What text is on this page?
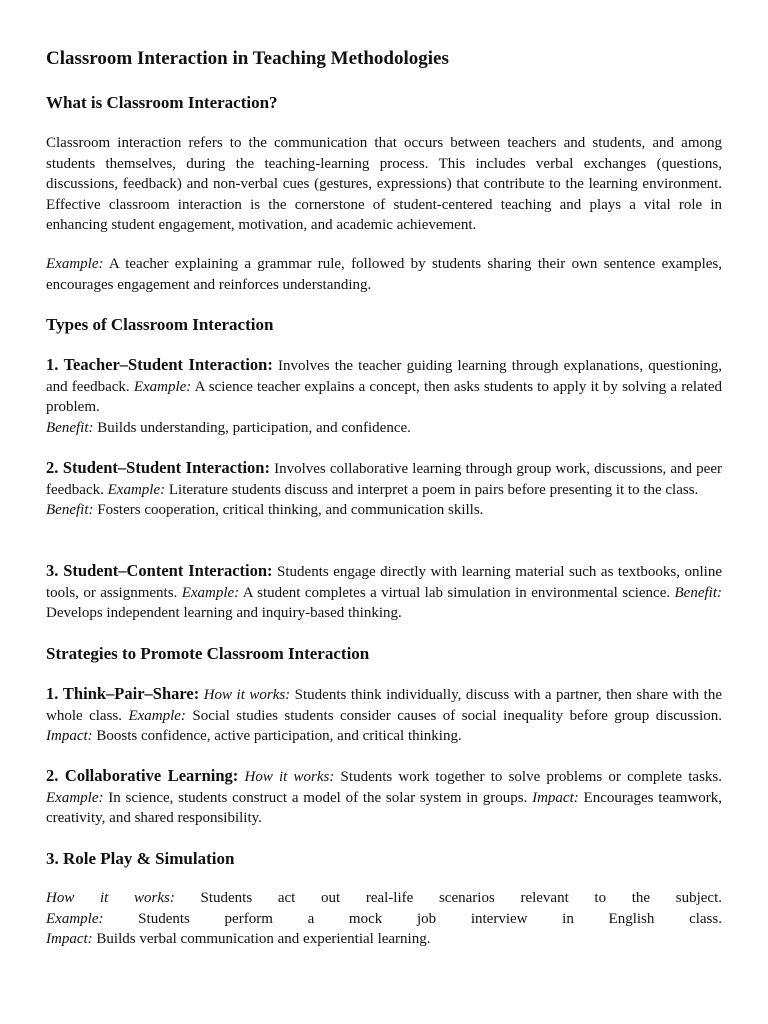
Classroom Interaction in Teaching Methodologies
What is Classroom Interaction?

Classroom interaction refers to the communication that occurs between teachers and students, and among students themselves, during the teaching-learning process. This includes verbal exchanges (questions, discussions, feedback) and non-verbal cues (gestures, expressions) that contribute to the learning environment. Effective classroom interaction is the cornerstone of student-centered teaching and plays a vital role in enhancing student engagement, motivation, and academic achievement.

Example: A teacher explaining a grammar rule, followed by students sharing their own sentence examples, encourages engagement and reinforces understanding.

Types of Classroom Interaction

1. Teacher–Student Interaction: Involves the teacher guiding learning through explanations, questioning, and feedback. Example: A science teacher explains a concept, then asks students to apply it by solving a related problem.
Benefit: Builds understanding, participation, and confidence.

2. Student–Student Interaction: Involves collaborative learning through group work, discussions, and peer feedback. Example: Literature students discuss and interpret a poem in pairs before presenting it to the class.
Benefit: Fosters cooperation, critical thinking, and communication skills.

3. Student–Content Interaction: Students engage directly with learning material such as textbooks, online tools, or assignments. Example: A student completes a virtual lab simulation in environmental science. Benefit: Develops independent learning and inquiry-based thinking.

Strategies to Promote Classroom Interaction

1. Think–Pair–Share: How it works: Students think individually, discuss with a partner, then share with the whole class. Example: Social studies students consider causes of social inequality before group discussion. Impact: Boosts confidence, active participation, and critical thinking.

2. Collaborative Learning: How it works: Students work together to solve problems or complete tasks. Example: In science, students construct a model of the solar system in groups. Impact: Encourages teamwork, creativity, and shared responsibility.

3. Role Play & Simulation

How it works: Students act out real-life scenarios relevant to the subject.

Example: Students perform a mock job interview in English class.

Impact: Builds verbal communication and experiential learning.
